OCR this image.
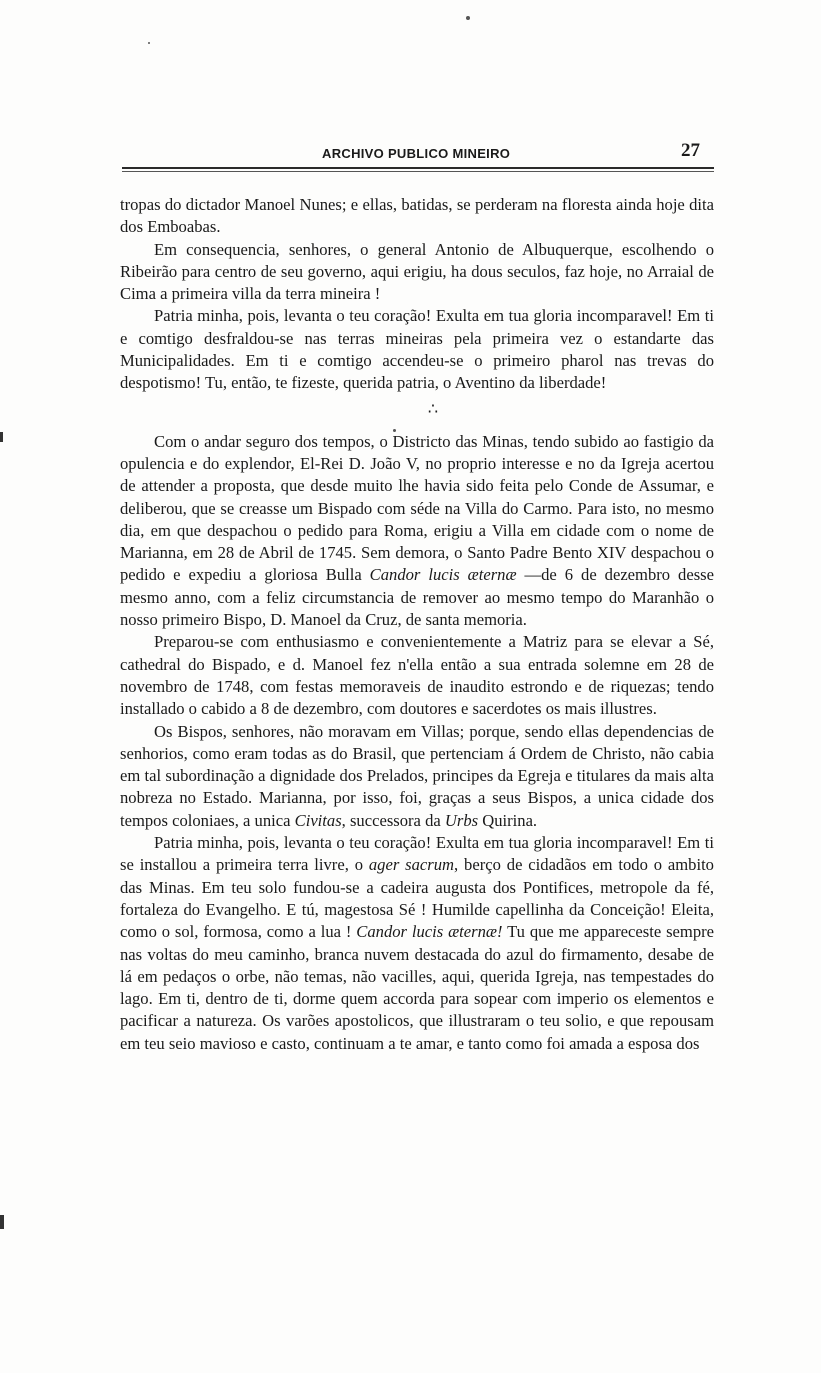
ARCHIVO PUBLICO MINEIRO	27

tropas do dictador Manoel Nunes; e ellas, batidas, se perderam na floresta ainda hoje dita dos Emboabas.

Em consequencia, senhores, o general Antonio de Albuquerque, escolhendo o Ribeirão para centro de seu governo, aqui erigiu, ha dous seculos, faz hoje, no Arraial de Cima a primeira villa da terra mineira !

Patria minha, pois, levanta o teu coração! Exulta em tua gloria incomparavel! Em ti e comtigo desfraldou-se nas terras mineiras pela primeira vez o estandarte das Municipalidades. Em ti e comtigo accendeu-se o primeiro pharol nas trevas do despotismo! Tu, então, te fizeste, querida patria, o Aventino da liberdade!

∴

Com o andar seguro dos tempos, o Districto das Minas, tendo subido ao fastigio da opulencia e do explendor, El-Rei D. João V, no proprio interesse e no da Igreja acertou de attender a proposta, que desde muito lhe havia sido feita pelo Conde de Assumar, e deliberou, que se creasse um Bispado com séde na Villa do Carmo. Para isto, no mesmo dia, em que despachou o pedido para Roma, erigiu a Villa em cidade com o nome de Marianna, em 28 de Abril de 1745. Sem demora, o Santo Padre Bento XIV despachou o pedido e expediu a gloriosa Bulla Candor lucis æternæ —de 6 de dezembro desse mesmo anno, com a feliz circumstancia de remover ao mesmo tempo do Maranhão o nosso primeiro Bispo, D. Manoel da Cruz, de santa memoria.

Preparou-se com enthusiasmo e convenientemente a Matriz para se elevar a Sé, cathedral do Bispado, e d. Manoel fez n'ella então a sua entrada solemne em 28 de novembro de 1748, com festas memoraveis de inaudito estrondo e de riquezas; tendo installado o cabido a 8 de dezembro, com doutores e sacerdotes os mais illustres.

Os Bispos, senhores, não moravam em Villas; porque, sendo ellas dependencias de senhorios, como eram todas as do Brasil, que pertenciam á Ordem de Christo, não cabia em tal subordinação a dignidade dos Prelados, principes da Egreja e titulares da mais alta nobreza no Estado. Marianna, por isso, foi, graças a seus Bispos, a unica cidade dos tempos coloniaes, a unica Civitas, successora da Urbs Quirina.

Patria minha, pois, levanta o teu coração! Exulta em tua gloria incomparavel! Em ti se installou a primeira terra livre, o ager sacrum, berço de cidadãos em todo o ambito das Minas. Em teu solo fundou-se a cadeira augusta dos Pontifices, metropole da fé, fortaleza do Evangelho. E tú, magestosa Sé ! Humilde capellinha da Conceição! Eleita, como o sol, formosa, como a lua ! Candor lucis æternæ! Tu que me appareceste sempre nas voltas do meu caminho, branca nuvem destacada do azul do firmamento, desabe de lá em pedaços o orbe, não temas, não vacilles, aqui, querida Igreja, nas tempestades do lago. Em ti, dentro de ti, dorme quem accorda para sopear com imperio os elementos e pacificar a natureza. Os varões apostolicos, que illustraram o teu solio, e que repousam em teu seio mavioso e casto, continuam a te amar, e tanto como foi amada a esposa dos
